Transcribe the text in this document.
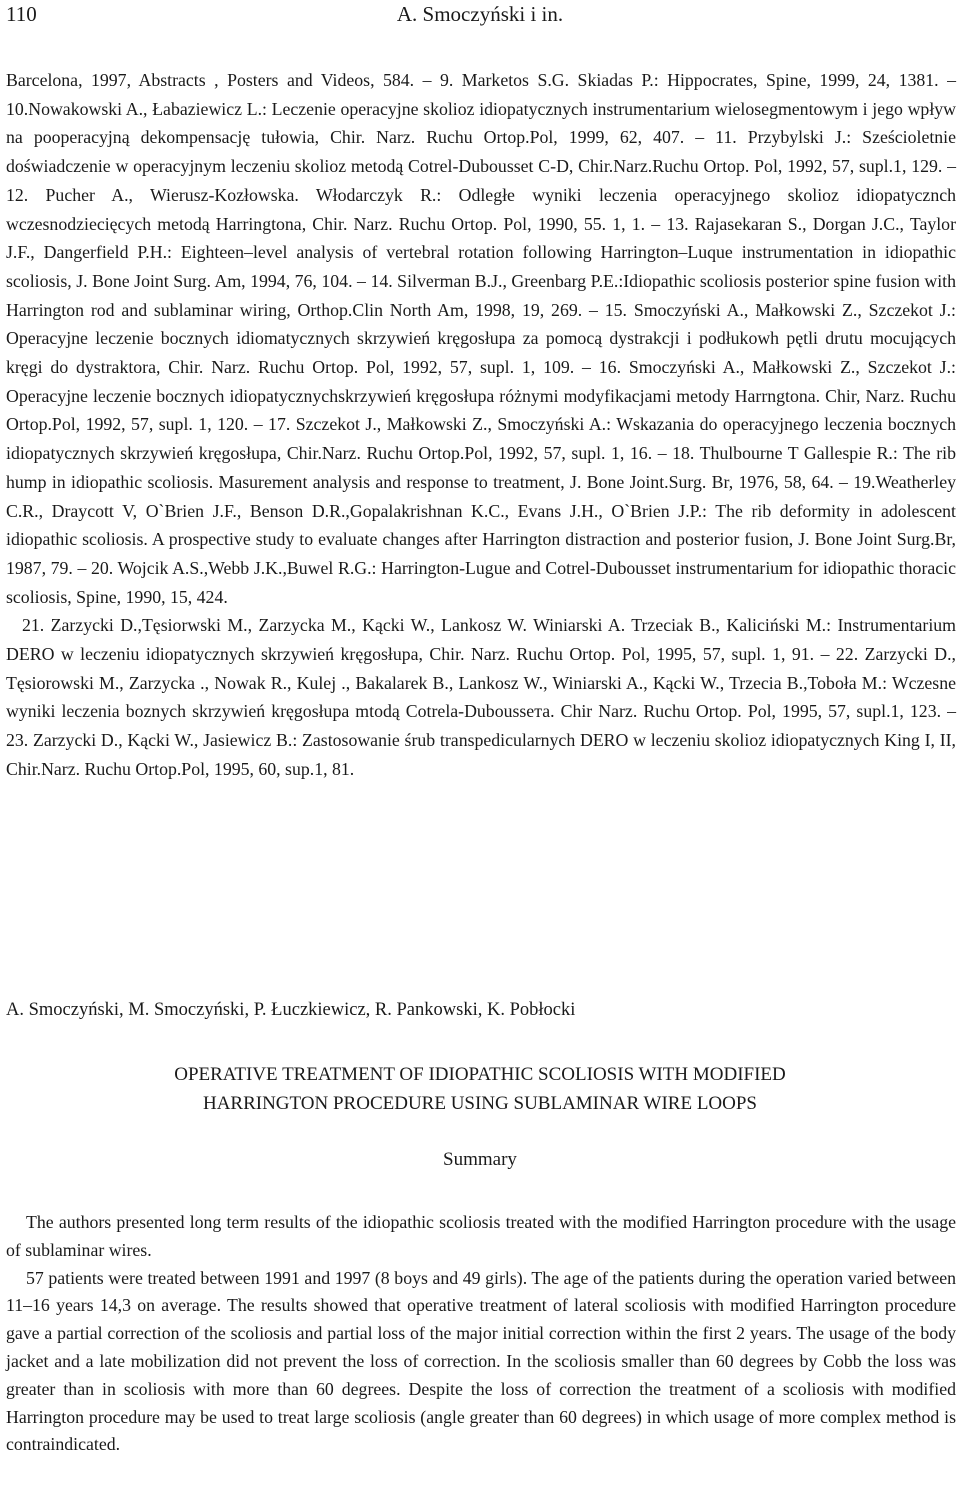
110	A. Smoczyński i in.

Barcelona, 1997, Abstracts , Posters and Videos, 584. – 9. Marketos S.G. Skiadas P.: Hippocrates, Spine, 1999, 24, 1381. – 10.Nowakowski A., Łabaziewicz L.: Leczenie operacyjne skolioz idiopatycznych instrumentarium wielosegmentowym i jego wpływ na pooperacyjną dekompensację tułowia, Chir. Narz. Ruchu Ortop.Pol, 1999, 62, 407. – 11. Przybylski J.: Sześcioletnie doświadczenie w operacyjnym leczeniu skolioz metodą Cotrel-Dubousset C-D, Chir.Narz.Ruchu Ortop. Pol, 1992, 57, supl.1, 129. – 12. Pucher A., Wierusz-Kozłowska. Włodarczyk R.: Odległe wyniki leczenia operacyjnego skolioz idiopatycznch wczesnodziecięcych metodą Harringtona, Chir. Narz. Ruchu Ortop. Pol, 1990, 55. 1, 1. – 13. Rajasekaran S., Dorgan J.C., Taylor J.F., Dangerfield P.H.: Eighteen–level analysis of vertebral rotation following Harrington–Luque instrumentation in idiopathic scoliosis, J. Bone Joint Surg. Am, 1994, 76, 104. – 14. Silverman B.J., Greenbarg P.E.:Idiopathic scoliosis posterior spine fusion with Harrington rod and sublaminar wiring, Orthop.Clin North Am, 1998, 19, 269. – 15. Smoczyński A., Małkowski Z., Szczekot J.: Operacyjne leczenie bocznych idiomatycznych skrzywień kręgosłupa za pomocą dystrakcji i podłukowh pętli drutu mocujących kręgi do dystraktora, Chir. Narz. Ruchu Ortop. Pol, 1992, 57, supl. 1, 109. – 16. Smoczyński A., Małkowski Z., Szczekot J.: Operacyjne leczenie bocznych idiopatycznychskrzywień kręgosłupa różnymi modyfikacjami metody Harrngtona. Chir, Narz. Ruchu Ortop.Pol, 1992, 57, supl. 1, 120. – 17. Szczekot J., Małkowski Z., Smoczyński A.: Wskazania do operacyjnego leczenia bocznych idiopatycznych skrzywień kręgosłupa, Chir.Narz. Ruchu Ortop.Pol, 1992, 57, supl. 1, 16. – 18. Thulbourne T Gallespie R.: The rib hump in idiopathic scoliosis. Masurement analysis and response to treatment, J. Bone Joint.Surg. Br, 1976, 58, 64. – 19.Weatherley C.R., Draycott V, O`Brien J.F., Benson D.R.,Gopalakrishnan K.C., Evans J.H., O`Brien J.P.: The rib deformity in adolescent idiopathic scoliosis. A prospective study to evaluate changes after Harrington distraction and posterior fusion, J. Bone Joint Surg.Br, 1987, 79. – 20. Wojcik A.S.,Webb J.K.,Buwel R.G.: Harrington-Lugue and Cotrel-Dubousset instrumentarium for idiopathic thoracic scoliosis, Spine, 1990, 15, 424.

21. Zarzycki D.,Tęsiorwski M., Zarzycka M., Kącki W., Lankosz W. Winiarski A. Trzeciak B., Kaliciński M.: Instrumentarium DERO w leczeniu idiopatycznych skrzywień kręgosłupa, Chir. Narz. Ruchu Ortop. Pol, 1995, 57, supl. 1, 91. – 22. Zarzycki D., Tęsiorowski M., Zarzycka ., Nowak R., Kulej ., Bakalarek B., Lankosz W., Winiarski A., Kącki W., Trzecia B.,Toboła M.: Wczesne wyniki leczenia boznych skrzywień kręgosłupa mtodą Cotrela-Duboussета. Chir Narz. Ruchu Ortop. Pol, 1995, 57, supl.1, 123. – 23. Zarzycki D., Kącki W., Jasiewicz B.: Zastosowanie śrub transpedicularnych DERO w leczeniu skolioz idiopatycznych King I, II, Chir.Narz. Ruchu Ortop.Pol, 1995, 60, sup.1, 81.

A. Smoczyński, M. Smoczyński, P. Łuczkiewicz, R. Pankowski, K. Pobłocki
OPERATIVE TREATMENT OF IDIOPATHIC SCOLIOSIS WITH MODIFIED
HARRINGTON PROCEDURE USING SUBLAMINAR WIRE LOOPS
Summary

The authors presented long term results of the idiopathic scoliosis treated with the modified Harrington procedure with the usage of sublaminar wires.

57 patients were treated between 1991 and 1997 (8 boys and 49 girls). The age of the patients during the operation varied between 11–16 years 14,3 on average. The results showed that operative treatment of lateral scoliosis with modified Harrington procedure gave a partial correction of the scoliosis and partial loss of the major initial correction within the first 2 years. The usage of the body jacket and a late mobilization did not prevent the loss of correction. In the scoliosis smaller than 60 degrees by Cobb the loss was greater than in scoliosis with more than 60 degrees. Despite the loss of correction the treatment of a scoliosis with modified Harrington procedure may be used to treat large scoliosis (angle greater than 60 degrees) in which usage of more complex method is contraindicated.
